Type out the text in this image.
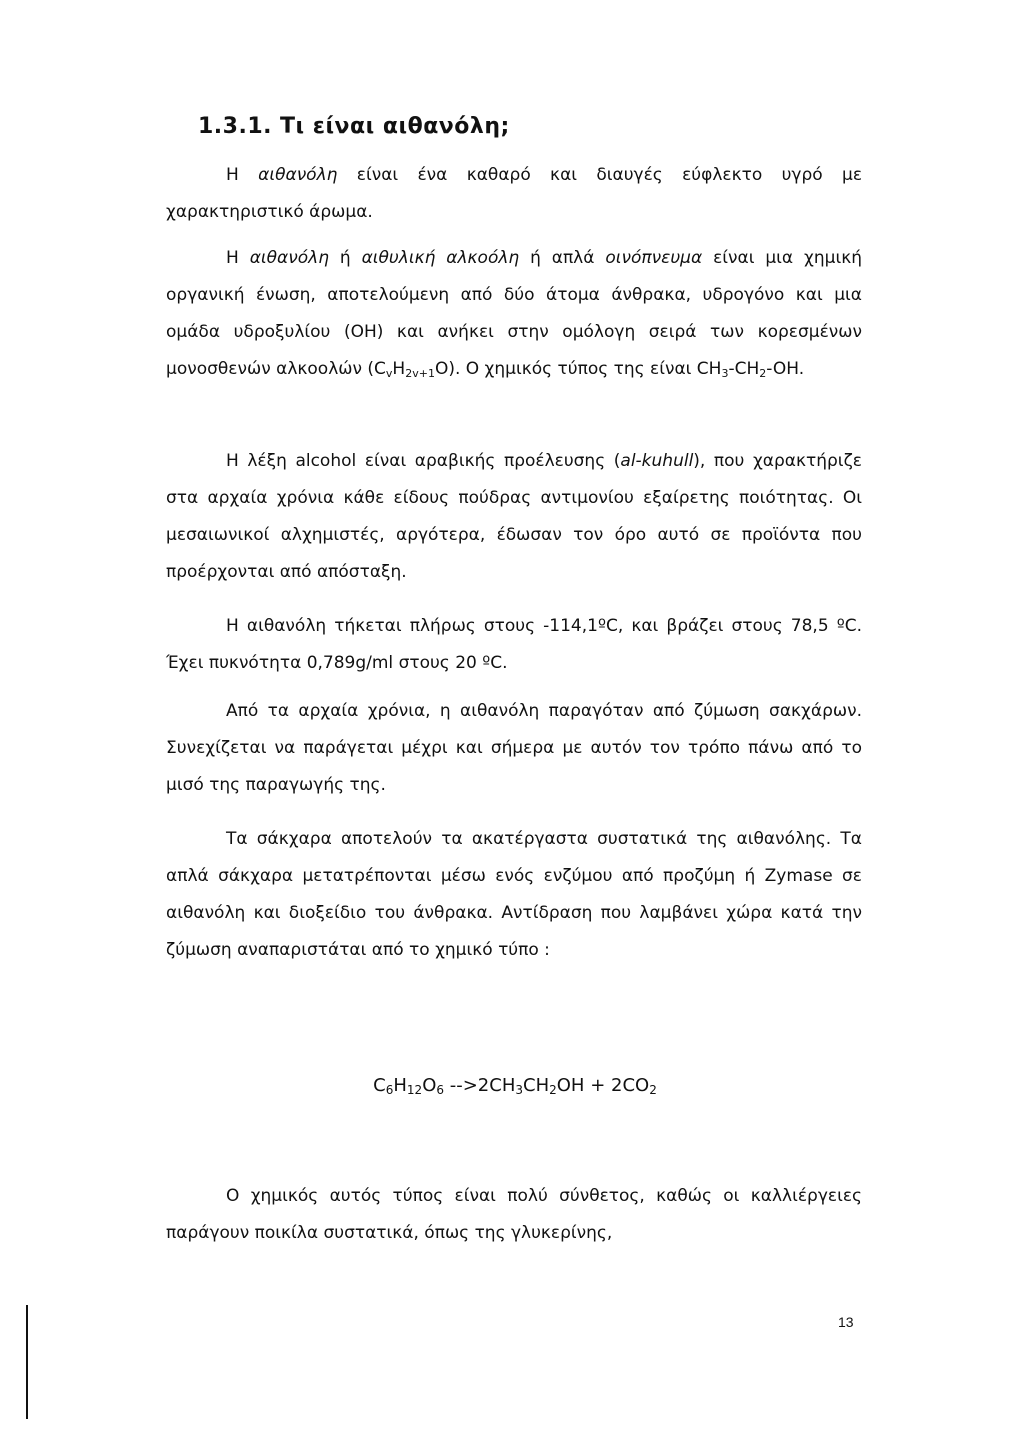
1.3.1. Τι είναι αιθανόλη;
Η αιθανόλη είναι ένα καθαρό και διαυγές εύφλεκτο υγρό με χαρακτηριστικό άρωμα.
Η αιθανόλη ή αιθυλική αλκοόλη ή απλά οινόπνευμα είναι μια χημική οργανική ένωση, αποτελούμενη από δύο άτομα άνθρακα, υδρογόνο και μια ομάδα υδροξυλίου (ΟΗ) και ανήκει στην ομόλογη σειρά των κορεσμένων μονοσθενών αλκοολών $(C_vH_{2v+1}O)$. Ο χημικός τύπος της είναι $CH_3-CH_2-OH$.
Η λέξη alcohol είναι αραβικής προέλευσης (al-kuhull), που χαρακτήριζε στα αρχαία χρόνια κάθε είδους πούδρας αντιμονίου εξαίρετης ποιότητας. Οι μεσαιωνικοί αλχημιστές, αργότερα, έδωσαν τον όρο αυτό σε προϊόντα που προέρχονται από απόσταξη.
Η αιθανόλη τήκεται πλήρως στους -114,1ºC, και βράζει στους 78,5 ºC. Έχει πυκνότητα 0,789g/ml στους 20 ºC.
Από τα αρχαία χρόνια, η αιθανόλη παραγόταν από ζύμωση σακχάρων. Συνεχίζεται να παράγεται μέχρι και σήμερα με αυτόν τον τρόπο πάνω από το μισό της παραγωγής της.
Τα σάκχαρα αποτελούν τα ακατέργαστα συστατικά της αιθανόλης. Τα απλά σάκχαρα μετατρέπονται μέσω ενός ενζύμου από προζύμη ή Zymase σε αιθανόλη και διοξείδιο του άνθρακα. Αντίδραση που λαμβάνει χώρα κατά την ζύμωση αναπαριστάται από το χημικό τύπο :
$C_6H_{12}O_6$ $-->2CH_3CH_2OH + 2CO_2$
Ο χημικός αυτός τύπος είναι πολύ σύνθετος, καθώς οι καλλιέργειες παράγουν ποικίλα συστατικά, όπως της γλυκερίνης,
13
